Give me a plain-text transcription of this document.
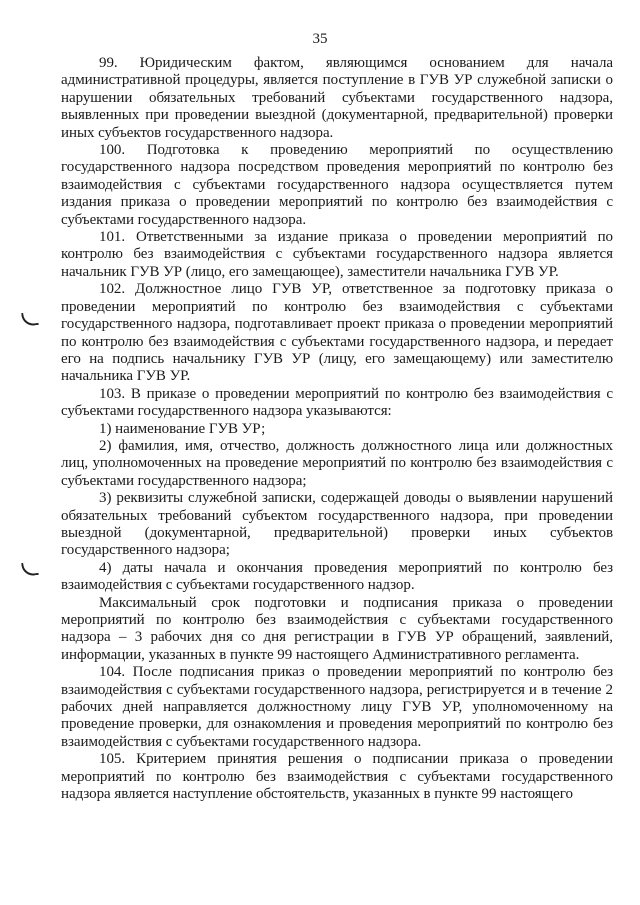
35

99. Юридическим фактом, являющимся основанием для начала административной процедуры, является поступление в ГУВ УР служебной записки о нарушении обязательных требований субъектами государственного надзора, выявленных при проведении выездной (документарной, предварительной) проверки иных субъектов государственного надзора.

100. Подготовка к проведению мероприятий по осуществлению государственного надзора посредством проведения мероприятий по контролю без взаимодействия с субъектами государственного надзора осуществляется путем издания приказа о проведении мероприятий по контролю без взаимодействия с субъектами государственного надзора.

101. Ответственными за издание приказа о проведении мероприятий по контролю без взаимодействия с субъектами государственного надзора является начальник ГУВ УР (лицо, его замещающее), заместители начальника ГУВ УР.

102. Должностное лицо ГУВ УР, ответственное за подготовку приказа о проведении мероприятий по контролю без взаимодействия с субъектами государственного надзора, подготавливает проект приказа о проведении мероприятий по контролю без взаимодействия с субъектами государственного надзора, и передает его на подпись начальнику ГУВ УР (лицу, его замещающему) или заместителю начальника ГУВ УР.

103. В приказе о проведении мероприятий по контролю без взаимодействия с субъектами государственного надзора указываются:

1) наименование ГУВ УР;

2) фамилия, имя, отчество, должность должностного лица или должностных лиц, уполномоченных на проведение мероприятий по контролю без взаимодействия с субъектами государственного надзора;

3) реквизиты служебной записки, содержащей доводы о выявлении нарушений обязательных требований субъектом государственного надзора, при проведении выездной (документарной, предварительной) проверки иных субъектов государственного надзора;

4) даты начала и окончания проведения мероприятий по контролю без взаимодействия с субъектами государственного надзор.

Максимальный срок подготовки и подписания приказа о проведении мероприятий по контролю без взаимодействия с субъектами государственного надзора – 3 рабочих дня со дня регистрации в ГУВ УР обращений, заявлений, информации, указанных в пункте 99 настоящего Административного регламента.

104. После подписания приказ о проведении мероприятий по контролю без взаимодействия с субъектами государственного надзора, регистрируется и в течение 2 рабочих дней направляется должностному лицу ГУВ УР, уполномоченному на проведение проверки, для ознакомления и проведения мероприятий по контролю без взаимодействия с субъектами государственного надзора.

105. Критерием принятия решения о подписании приказа о проведении мероприятий по контролю без взаимодействия с субъектами государственного надзора является наступление обстоятельств, указанных в пункте 99 настоящего
